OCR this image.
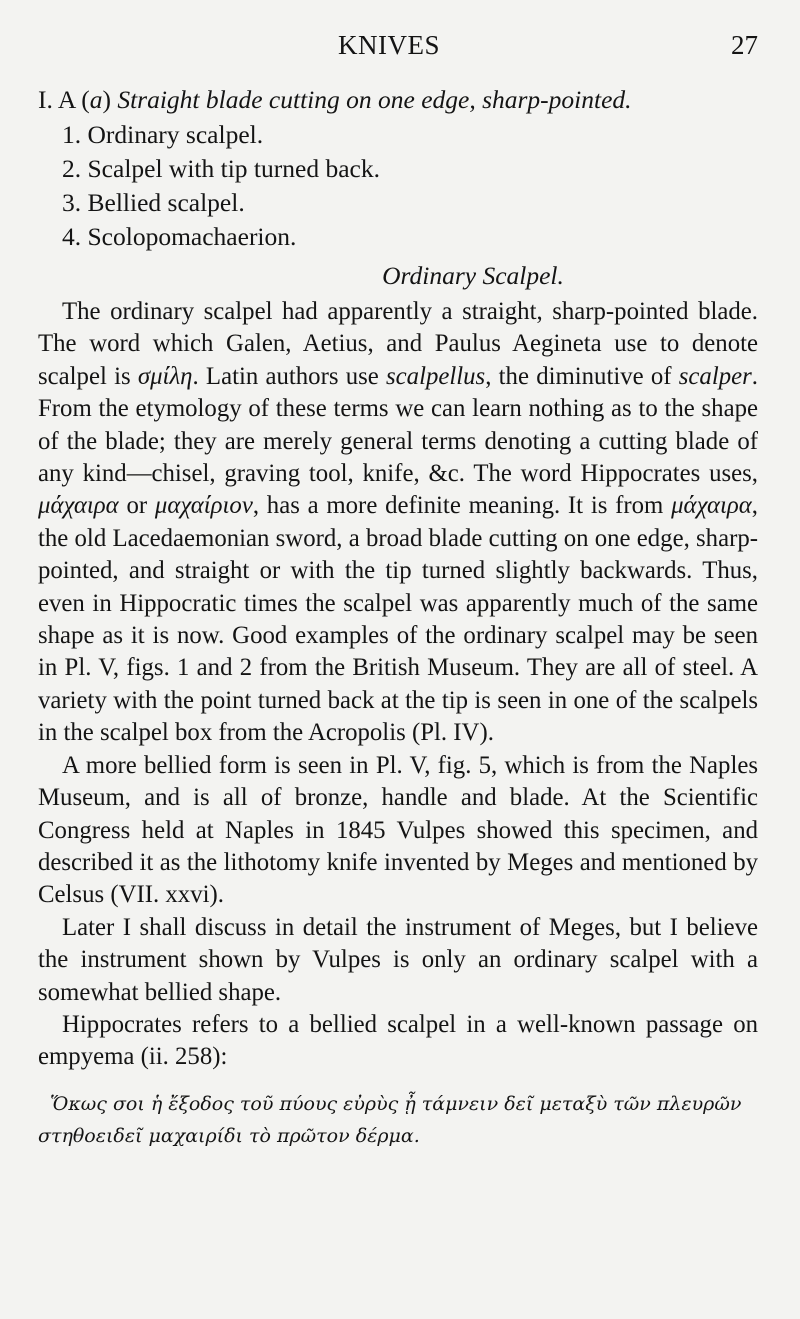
KNIVES	27
I. A (a) Straight blade cutting on one edge, sharp-pointed.
1. Ordinary scalpel.
2. Scalpel with tip turned back.
3. Bellied scalpel.
4. Scolopomachaerion.
Ordinary Scalpel.

The ordinary scalpel had apparently a straight, sharp-pointed blade. The word which Galen, Aetius, and Paulus Aegineta use to denote scalpel is σμίλη. Latin authors use scalpellus, the diminutive of scalper. From the etymology of these terms we can learn nothing as to the shape of the blade; they are merely general terms denoting a cutting blade of any kind—chisel, graving tool, knife, &c. The word Hippocrates uses, μάχαιρα or μαχαίριον, has a more definite meaning. It is from μάχαιρα, the old Lacedaemonian sword, a broad blade cutting on one edge, sharp-pointed, and straight or with the tip turned slightly backwards. Thus, even in Hippocratic times the scalpel was apparently much of the same shape as it is now. Good examples of the ordinary scalpel may be seen in Pl. V, figs. 1 and 2 from the British Museum. They are all of steel. A variety with the point turned back at the tip is seen in one of the scalpels in the scalpel box from the Acropolis (Pl. IV).

A more bellied form is seen in Pl. V, fig. 5, which is from the Naples Museum, and is all of bronze, handle and blade. At the Scientific Congress held at Naples in 1845 Vulpes showed this specimen, and described it as the lithotomy knife invented by Meges and mentioned by Celsus (VII. xxvi).

Later I shall discuss in detail the instrument of Meges, but I believe the instrument shown by Vulpes is only an ordinary scalpel with a somewhat bellied shape.

Hippocrates refers to a bellied scalpel in a well-known passage on empyema (ii. 258):

Ὅκως σοι ἡ ἔξοδος τοῦ πύους εὐρὺς ᾖ τάμνειν δεῖ μεταξὺ τῶν πλευρῶν στηθοειδεῖ μαχαιρίδι τὸ πρῶτον δέρμα.
